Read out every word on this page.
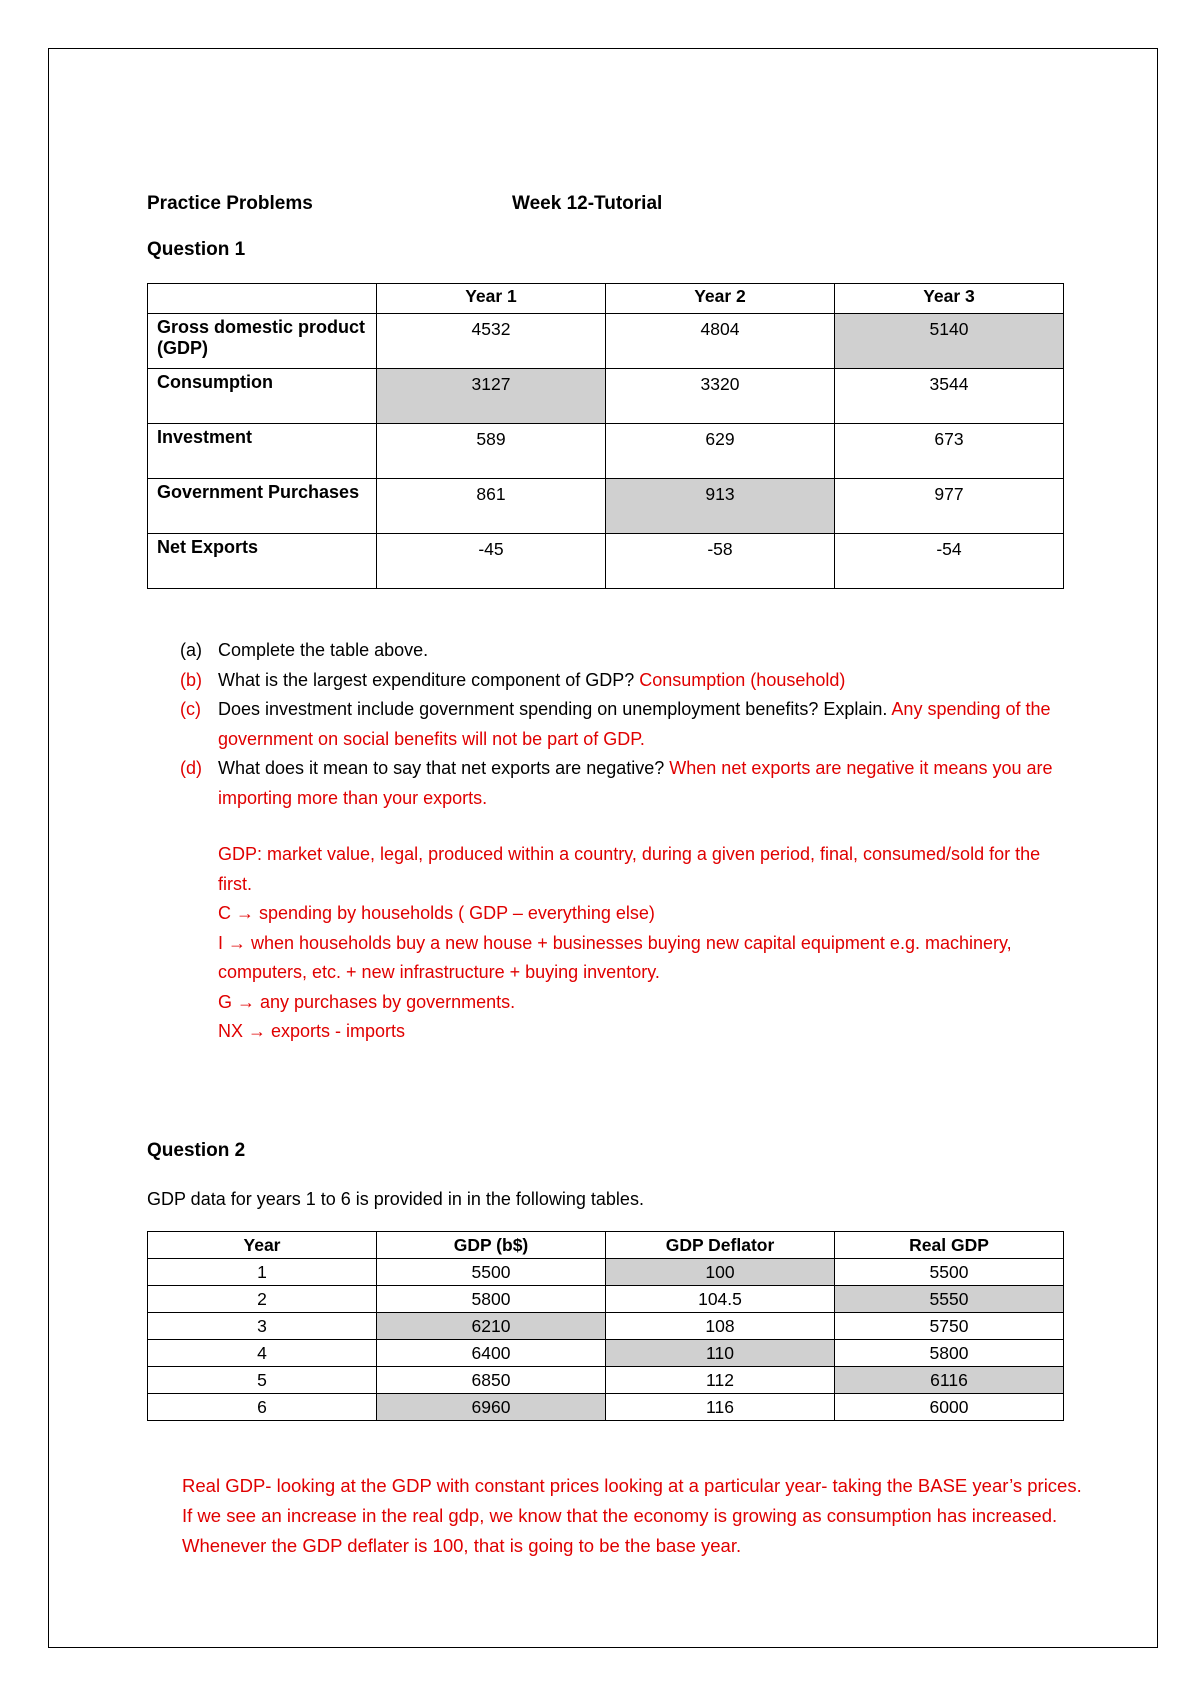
Practice Problems	Week 12-Tutorial
Question 1
	Year 1	Year 2	Year 3
Gross domestic product (GDP)	4532	4804	5140
Consumption	3127	3320	3544
Investment	589	629	673
Government Purchases	861	913	977
Net Exports	-45	-58	-54
(a) Complete the table above.
(b) What is the largest expenditure component of GDP? Consumption (household)
(c) Does investment include government spending on unemployment benefits? Explain. Any spending of the government on social benefits will not be part of GDP.
(d) What does it mean to say that net exports are negative? When net exports are negative it means you are importing more than your exports.
GDP: market value, legal, produced within a country, during a given period, final, consumed/sold for the first.
C → spending by households ( GDP – everything else)
I → when households buy a new house + businesses buying new capital equipment e.g. machinery, computers, etc. + new infrastructure + buying inventory.
G → any purchases by governments.
NX → exports - imports
Question 2
GDP data for years 1 to 6 is provided in in the following tables.
Year	GDP (b$)	GDP Deflator	Real GDP
1	5500	100	5500
2	5800	104.5	5550
3	6210	108	5750
4	6400	110	5800
5	6850	112	6116
6	6960	116	6000
Real GDP- looking at the GDP with constant prices looking at a particular year- taking the BASE year’s prices. If we see an increase in the real gdp, we know that the economy is growing as consumption has increased. Whenever the GDP deflater is 100, that is going to be the base year.
